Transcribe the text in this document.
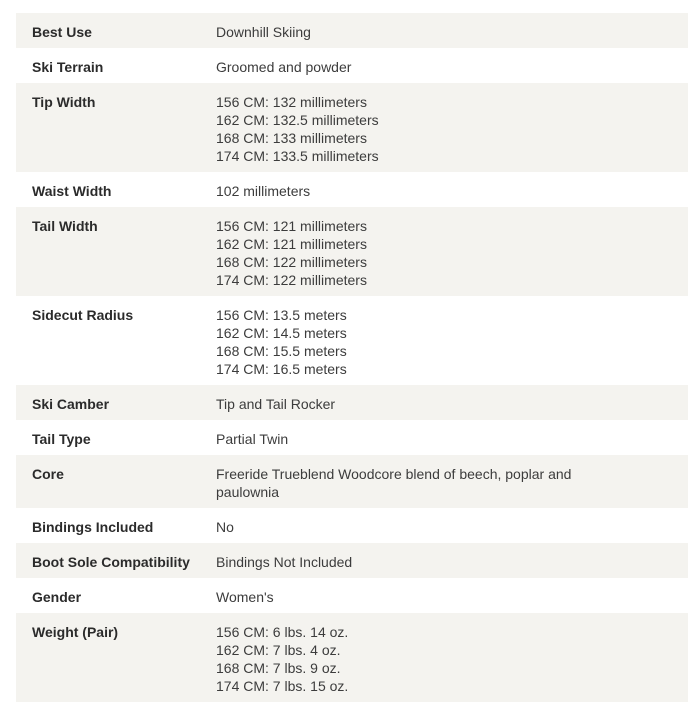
Best Use	Downhill Skiing
Ski Terrain	Groomed and powder
Tip Width	156 CM: 132 millimeters
162 CM: 132.5 millimeters
168 CM: 133 millimeters
174 CM: 133.5 millimeters
Waist Width	102 millimeters
Tail Width	156 CM: 121 millimeters
162 CM: 121 millimeters
168 CM: 122 millimeters
174 CM: 122 millimeters
Sidecut Radius	156 CM: 13.5 meters
162 CM: 14.5 meters
168 CM: 15.5 meters
174 CM: 16.5 meters
Ski Camber	Tip and Tail Rocker
Tail Type	Partial Twin
Core	Freeride Trueblend Woodcore blend of beech, poplar and paulownia
Bindings Included	No
Boot Sole Compatibility	Bindings Not Included
Gender	Women's
Weight (Pair)	156 CM: 6 lbs. 14 oz.
162 CM: 7 lbs. 4 oz.
168 CM: 7 lbs. 9 oz.
174 CM: 7 lbs. 15 oz.
